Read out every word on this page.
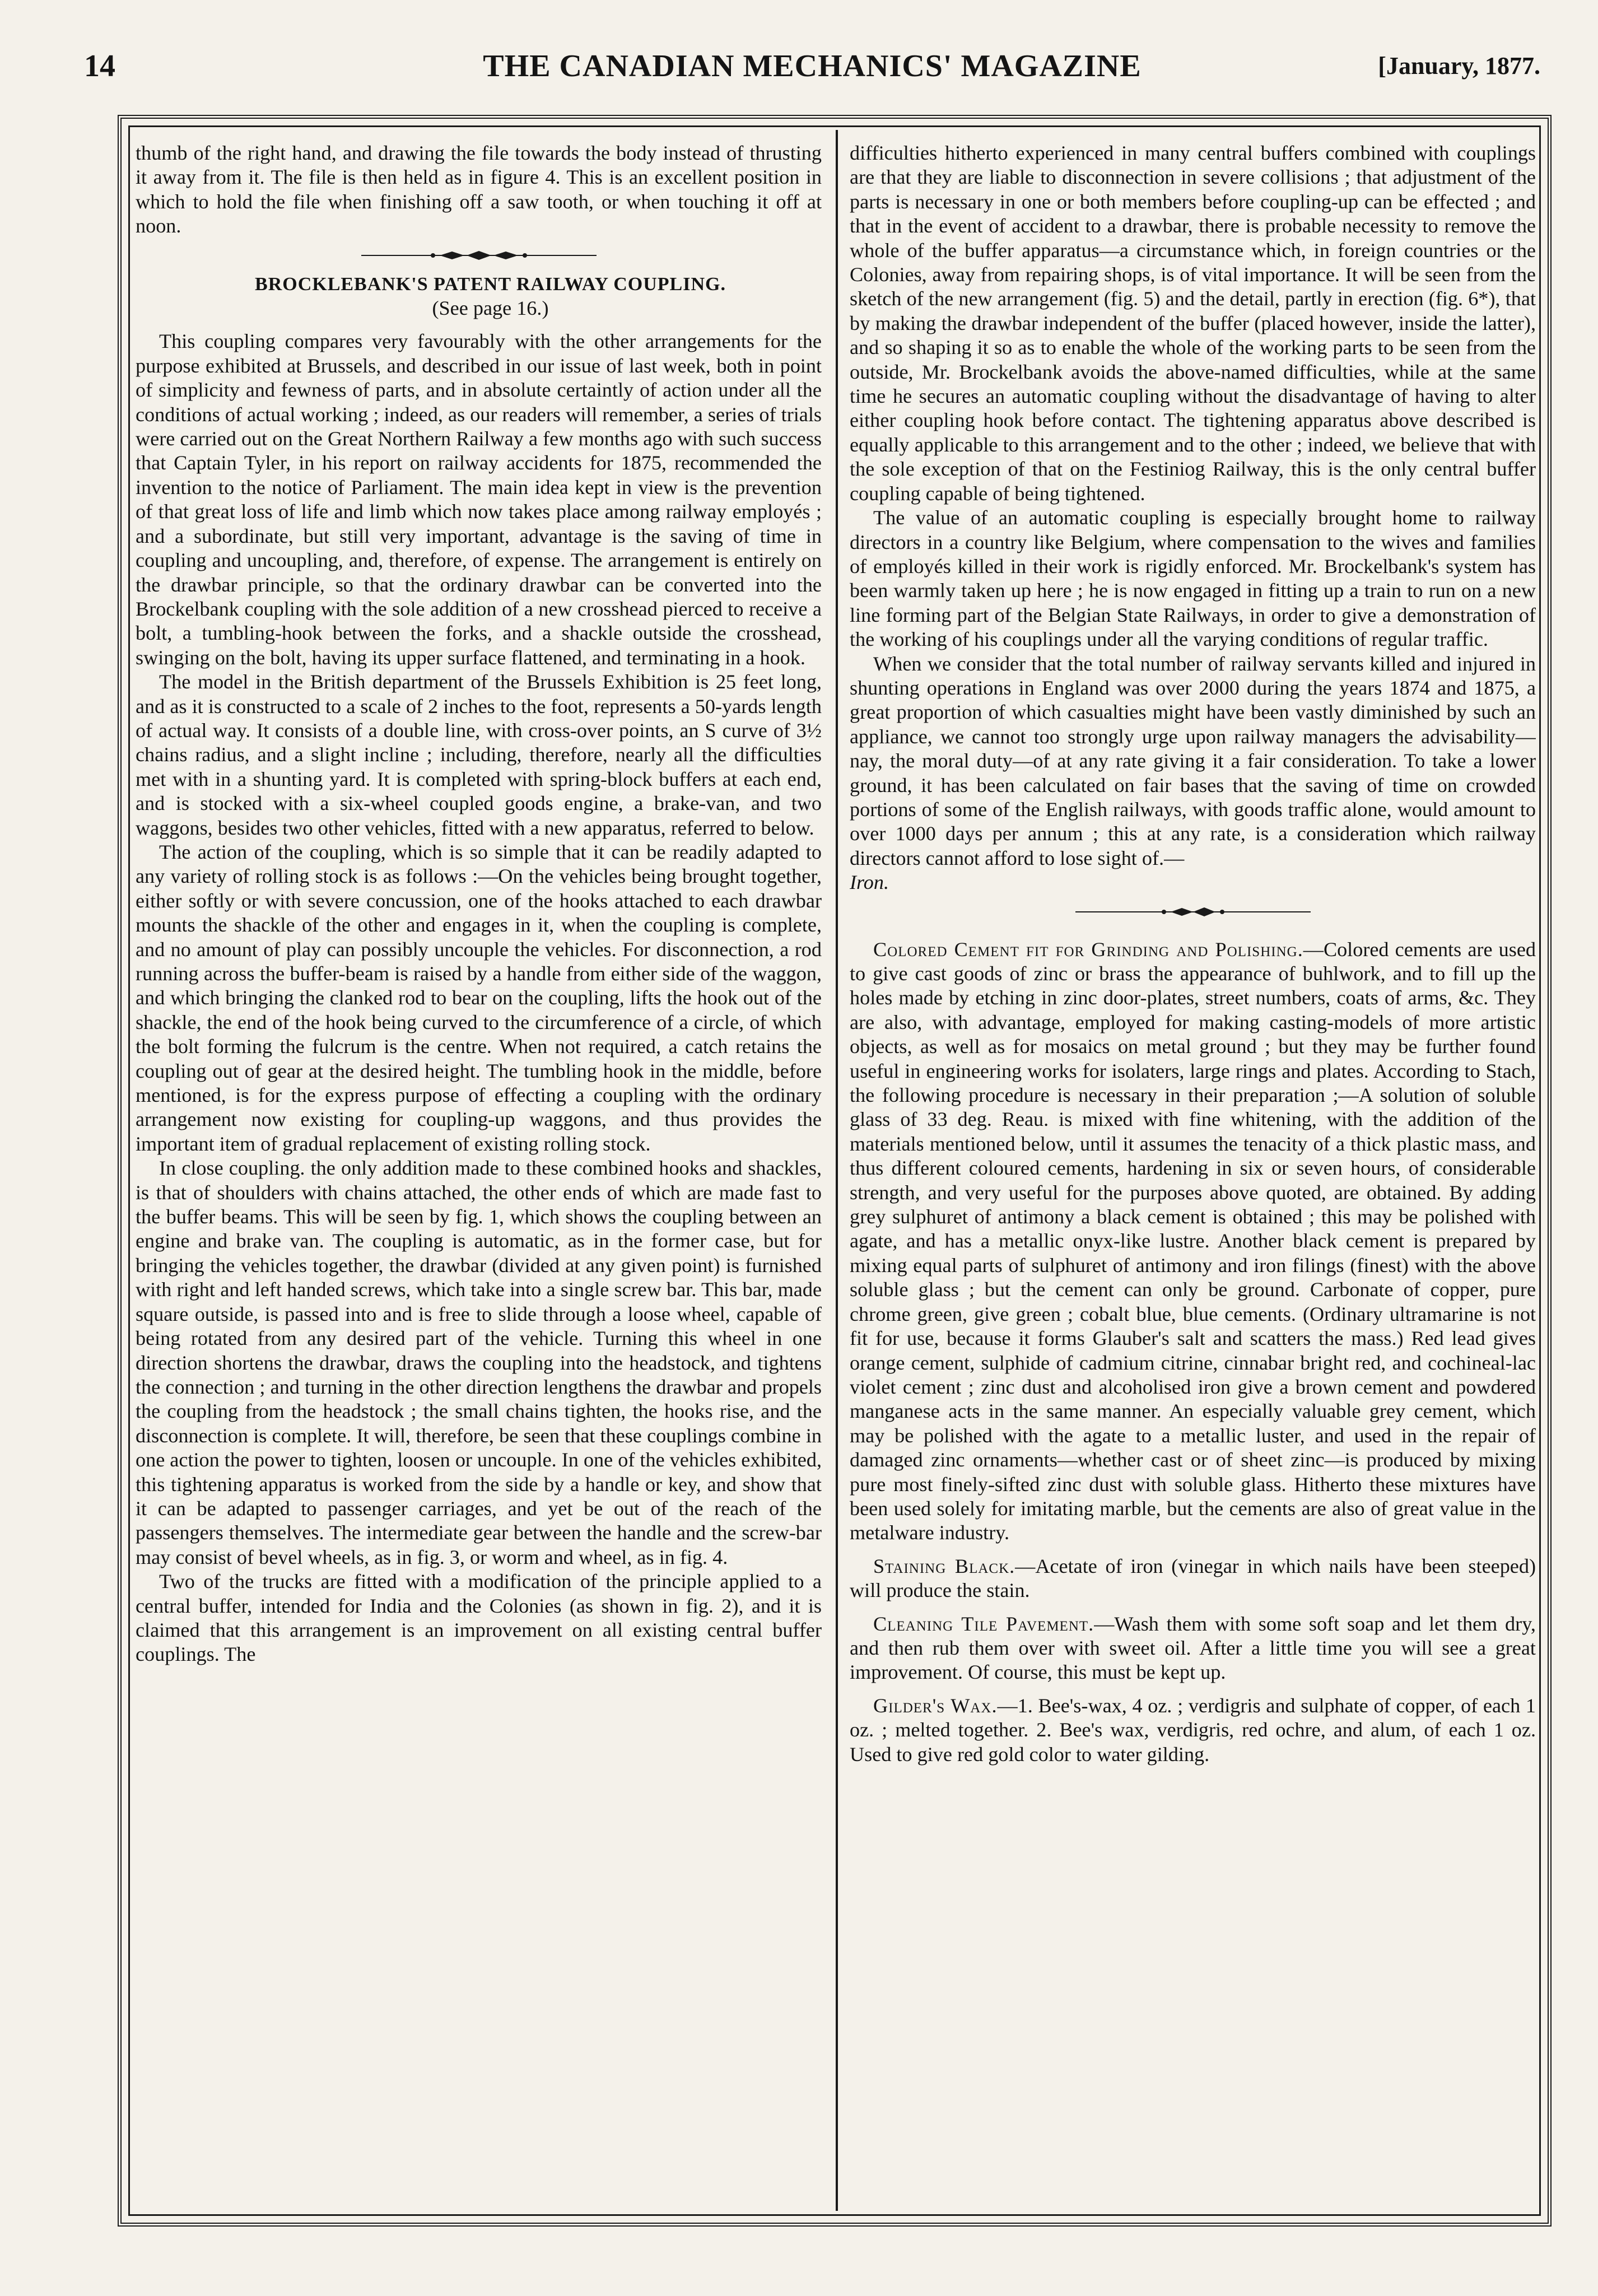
14	THE CANADIAN MECHANICS' MAGAZINE	[January, 1877.

thumb of the right hand, and drawing the file towards the body instead of thrusting it away from it. The file is then held as in figure 4. This is an excellent position in which to hold the file when finishing off a saw tooth, or when touching it off at noon.

BROCKLEBANK'S PATENT RAILWAY COUPLING.

(See page 16.)

This coupling compares very favourably with the other arrangements for the purpose exhibited at Brussels, and described in our issue of last week, both in point of simplicity and fewness of parts, and in absolute certaintly of action under all the conditions of actual working ; indeed, as our readers will remember, a series of trials were carried out on the Great Northern Railway a few months ago with such success that Captain Tyler, in his report on railway accidents for 1875, recommended the invention to the notice of Parliament. The main idea kept in view is the prevention of that great loss of life and limb which now takes place among railway employés ; and a subordinate, but still very important, advantage is the saving of time in coupling and uncoupling, and, therefore, of expense. The arrangement is entirely on the drawbar principle, so that the ordinary drawbar can be converted into the Brockelbank coupling with the sole addition of a new crosshead pierced to receive a bolt, a tumbling-hook between the forks, and a shackle outside the crosshead, swinging on the bolt, having its upper surface flattened, and terminating in a hook.

The model in the British department of the Brussels Exhibition is 25 feet long, and as it is constructed to a scale of 2 inches to the foot, represents a 50-yards length of actual way. It consists of a double line, with cross-over points, an S curve of 3½ chains radius, and a slight incline ; including, therefore, nearly all the difficulties met with in a shunting yard. It is completed with spring-block buffers at each end, and is stocked with a six-wheel coupled goods engine, a brake-van, and two waggons, besides two other vehicles, fitted with a new apparatus, referred to below.

The action of the coupling, which is so simple that it can be readily adapted to any variety of rolling stock is as follows :—On the vehicles being brought together, either softly or with severe concussion, one of the hooks attached to each drawbar mounts the shackle of the other and engages in it, when the coupling is complete, and no amount of play can possibly uncouple the vehicles. For disconnection, a rod running across the buffer-beam is raised by a handle from either side of the waggon, and which bringing the clanked rod to bear on the coupling, lifts the hook out of the shackle, the end of the hook being curved to the circumference of a circle, of which the bolt forming the fulcrum is the centre. When not required, a catch retains the coupling out of gear at the desired height. The tumbling hook in the middle, before mentioned, is for the express purpose of effecting a coupling with the ordinary arrangement now existing for coupling-up waggons, and thus provides the important item of gradual replacement of existing rolling stock.

In close coupling. the only addition made to these combined hooks and shackles, is that of shoulders with chains attached, the other ends of which are made fast to the buffer beams. This will be seen by fig. 1, which shows the coupling between an engine and brake van. The coupling is automatic, as in the former case, but for bringing the vehicles together, the drawbar (divided at any given point) is furnished with right and left handed screws, which take into a single screw bar. This bar, made square outside, is passed into and is free to slide through a loose wheel, capable of being rotated from any desired part of the vehicle. Turning this wheel in one direction shortens the drawbar, draws the coupling into the headstock, and tightens the connection ; and turning in the other direction lengthens the drawbar and propels the coupling from the headstock ; the small chains tighten, the hooks rise, and the disconnection is complete. It will, therefore, be seen that these couplings combine in one action the power to tighten, loosen or uncouple. In one of the vehicles exhibited, this tightening apparatus is worked from the side by a handle or key, and show that it can be adapted to passenger carriages, and yet be out of the reach of the passengers themselves. The intermediate gear between the handle and the screw-bar may consist of bevel wheels, as in fig. 3, or worm and wheel, as in fig. 4.

Two of the trucks are fitted with a modification of the principle applied to a central buffer, intended for India and the Colonies (as shown in fig. 2), and it is claimed that this arrangement is an improvement on all existing central buffer couplings. The

difficulties hitherto experienced in many central buffers combined with couplings are that they are liable to disconnection in severe collisions ; that adjustment of the parts is necessary in one or both members before coupling-up can be effected ; and that in the event of accident to a drawbar, there is probable necessity to remove the whole of the buffer apparatus—a circumstance which, in foreign countries or the Colonies, away from repairing shops, is of vital importance. It will be seen from the sketch of the new arrangement (fig. 5) and the detail, partly in erection (fig. 6*), that by making the drawbar independent of the buffer (placed however, inside the latter), and so shaping it so as to enable the whole of the working parts to be seen from the outside, Mr. Brockelbank avoids the above-named difficulties, while at the same time he secures an automatic coupling without the disadvantage of having to alter either coupling hook before contact. The tightening apparatus above described is equally applicable to this arrangement and to the other ; indeed, we believe that with the sole exception of that on the Festiniog Railway, this is the only central buffer coupling capable of being tightened.

The value of an automatic coupling is especially brought home to railway directors in a country like Belgium, where compensation to the wives and families of employés killed in their work is rigidly enforced. Mr. Brockelbank's system has been warmly taken up here ; he is now engaged in fitting up a train to run on a new line forming part of the Belgian State Railways, in order to give a demonstration of the working of his couplings under all the varying conditions of regular traffic.

When we consider that the total number of railway servants killed and injured in shunting operations in England was over 2000 during the years 1874 and 1875, a great proportion of which casualties might have been vastly diminished by such an appliance, we cannot too strongly urge upon railway managers the advisability—nay, the moral duty—of at any rate giving it a fair consideration. To take a lower ground, it has been calculated on fair bases that the saving of time on crowded portions of some of the English railways, with goods traffic alone, would amount to over 1000 days per annum ; this at any rate, is a consideration which railway directors cannot afford to lose sight of.—

Iron.

Colored Cement fit for Grinding and Polishing.—Colored cements are used to give cast goods of zinc or brass the appearance of buhlwork, and to fill up the holes made by etching in zinc door-plates, street numbers, coats of arms, &c. They are also, with advantage, employed for making casting-models of more artistic objects, as well as for mosaics on metal ground ; but they may be further found useful in engineering works for isolaters, large rings and plates. According to Stach, the following procedure is necessary in their preparation ;—A solution of soluble glass of 33 deg. Reau. is mixed with fine whitening, with the addition of the materials mentioned below, until it assumes the tenacity of a thick plastic mass, and thus different coloured cements, hardening in six or seven hours, of considerable strength, and very useful for the purposes above quoted, are obtained. By adding grey sulphuret of antimony a black cement is obtained ; this may be polished with agate, and has a metallic onyx-like lustre. Another black cement is prepared by mixing equal parts of sulphuret of antimony and iron filings (finest) with the above soluble glass ; but the cement can only be ground. Carbonate of copper, pure chrome green, give green ; cobalt blue, blue cements. (Ordinary ultramarine is not fit for use, because it forms Glauber's salt and scatters the mass.) Red lead gives orange cement, sulphide of cadmium citrine, cinnabar bright red, and cochineal-lac violet cement ; zinc dust and alcoholised iron give a brown cement and powdered manganese acts in the same manner. An especially valuable grey cement, which may be polished with the agate to a metallic luster, and used in the repair of damaged zinc ornaments—whether cast or of sheet zinc—is produced by mixing pure most finely-sifted zinc dust with soluble glass. Hitherto these mixtures have been used solely for imitating marble, but the cements are also of great value in the metalware industry.

Staining Black.—Acetate of iron (vinegar in which nails have been steeped) will produce the stain.

Cleaning Tile Pavement.—Wash them with some soft soap and let them dry, and then rub them over with sweet oil. After a little time you will see a great improvement. Of course, this must be kept up.

Gilder's Wax.—1. Bee's-wax, 4 oz. ; verdigris and sulphate of copper, of each 1 oz. ; melted together. 2. Bee's wax, verdigris, red ochre, and alum, of each 1 oz. Used to give red gold color to water gilding.
